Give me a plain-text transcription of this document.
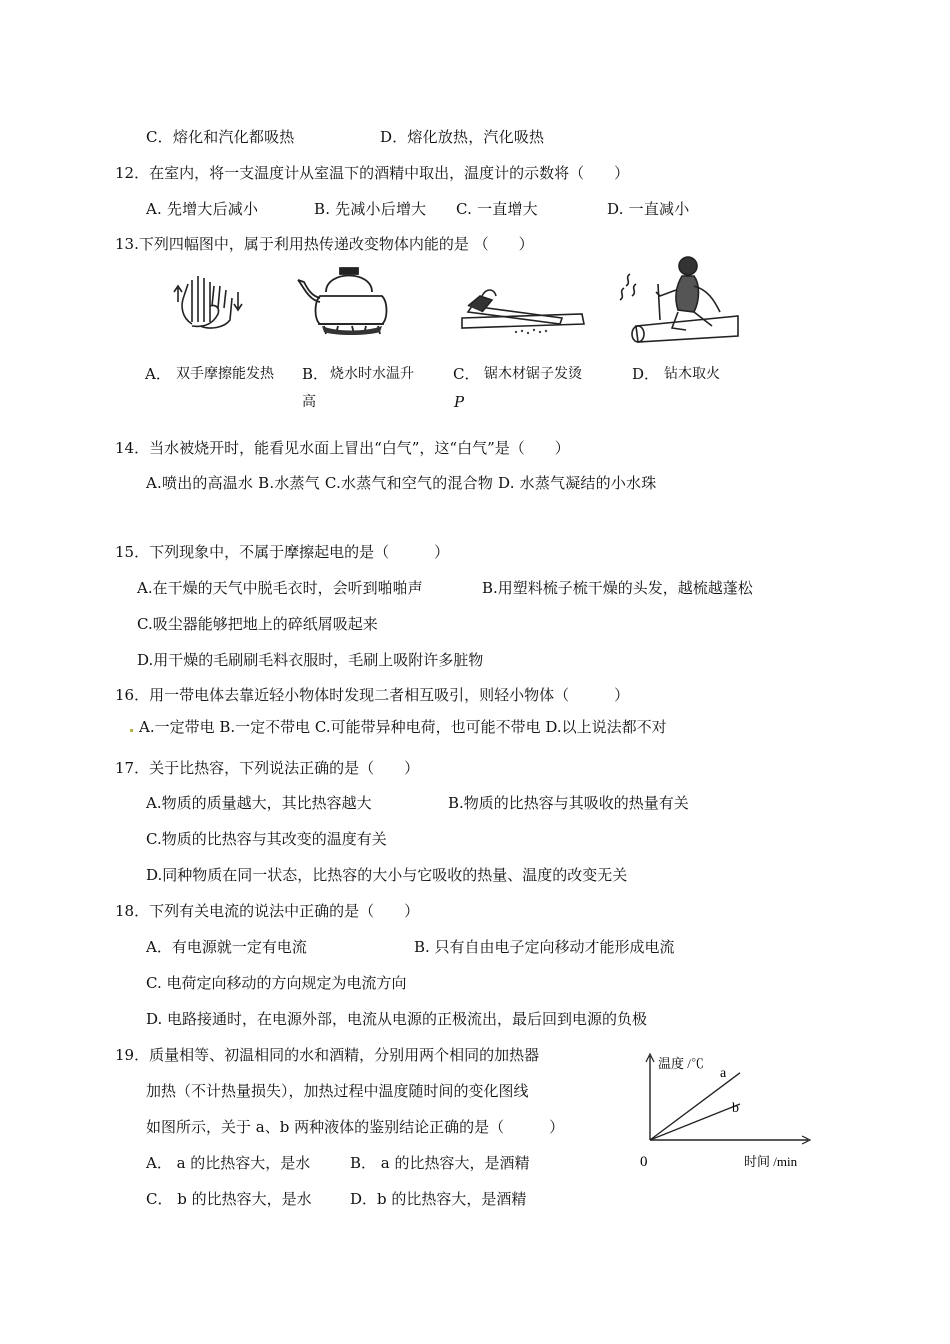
C．熔化和汽化都吸热	D．熔化放热，汽化吸热
12．在室内，将一支温度计从室温下的酒精中取出，温度计的示数将（　　）
A. 先增大后减小	B. 先减小后增大 C. 一直增大	D. 一直减小
13.下列四幅图中，属于利用热传递改变物体内能的是 （　　）
A． 双手摩擦能发热 B． 烧水时水温升
高
C． 锯木材锯子发烫
P
D． 钻木取火
14．当水被烧开时，能看见水面上冒出“白气”，这“白气”是（　　）
A.喷出的高温水 B.水蒸气 C.水蒸气和空气的混合物 D. 水蒸气凝结的小水珠
15．下列现象中，不属于摩擦起电的是（　　　）
A.在干燥的天气中脱毛衣时，会听到啪啪声	B.用塑料梳子梳干燥的头发，越梳越蓬松
C.吸尘器能够把地上的碎纸屑吸起来
D.用干燥的毛刷刷毛料衣服时，毛刷上吸附许多脏物
16．用一带电体去靠近轻小物体时发现二者相互吸引，则轻小物体（　　　）
A.一定带电 B.一定不带电 C.可能带异种电荷，也可能不带电 D.以上说法都不对
17．关于比热容，下列说法正确的是（　　）
A.物质的质量越大，其比热容越大	B.物质的比热容与其吸收的热量有关
C.物质的比热容与其改变的温度有关
D.同种物质在同一状态，比热容的大小与它吸收的热量、温度的改变无关
18．下列有关电流的说法中正确的是（　　）
A．有电源就一定有电流	B. 只有自由电子定向移动才能形成电流
C. 电荷定向移动的方向规定为电流方向
D. 电路接通时，在电源外部，电流从电源的正极流出，最后回到电源的负极
19．质量相等、初温相同的水和酒精，分别用两个相同的加热器
加热（不计热量损失），加热过程中温度随时间的变化图线
如图所示，关于 a、b 两种液体的鉴别结论正确的是（　　　）
A． a 的比热容大，是水	B． a 的比热容大，是酒精
C． b 的比热容大，是水	D．b 的比热容大，是酒精
温度 /℃
时间 /min
0
a
b
